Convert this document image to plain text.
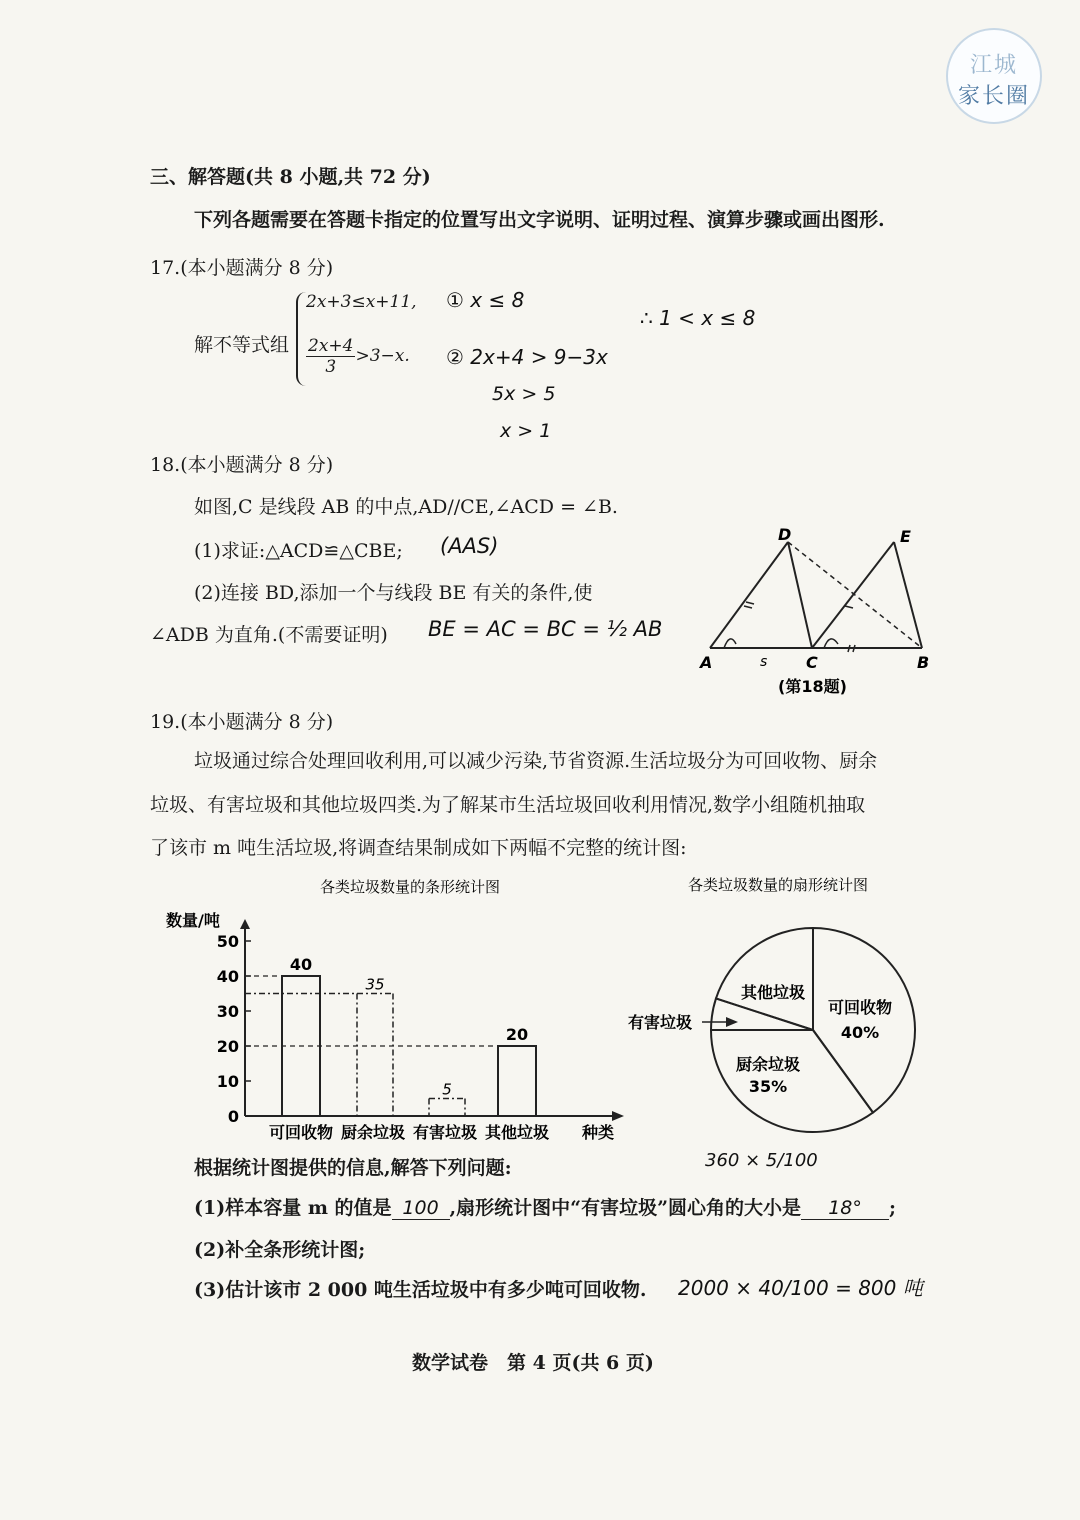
江城
家长圈
三、解答题(共 8 小题,共 72 分)
下列各题需要在答题卡指定的位置写出文字说明、证明过程、演算步骤或画出图形.
17.(本小题满分 8 分)
解不等式组
2x+3≤x+11,
$\frac{2x+4}{3} >3-x$.
① x ≤ 8
② 2x+4 > 9−3x
5x > 5
x > 1
∴ 1 < x ≤ 8
18.(本小题满分 8 分)
如图,C 是线段 AB 的中点,AD//CE,∠ACD = ∠B.
(1)求证:△ACD≌△CBE; (AAS)
(2)连接 BD,添加一个与线段 BE 有关的条件,使
∠ADB 为直角.(不需要证明) BE = AC = BC = ½ AB
D	E
A	C	B
s
(第18题)
19.(本小题满分 8 分)
垃圾通过综合处理回收利用,可以减少污染,节省资源.生活垃圾分为可回收物、厨余
垃圾、有害垃圾和其他垃圾四类.为了解某市生活垃圾回收利用情况,数学小组随机抽取
了该市 m 吨生活垃圾,将调查结果制成如下两幅不完整的统计图:
各类垃圾数量的条形统计图
数量/吨
种类
0
10
20
30
40
50
可回收物
40
厨余垃圾
35
有害垃圾
5
其他垃圾
20
各类垃圾数量的扇形统计图
可回收物
40%
厨余垃圾
35%
其他垃圾
有害垃圾
根据统计图提供的信息,解答下列问题:	360 × 5/100
(1)样本容量 m 的值是 100 ,扇形统计图中“有害垃圾”圆心角的大小是 18° ;
(2)补全条形统计图;
(3)估计该市 2 000 吨生活垃圾中有多少吨可回收物. 2000 × 40/100 = 800 吨
数学试卷　第 4 页(共 6 页)
